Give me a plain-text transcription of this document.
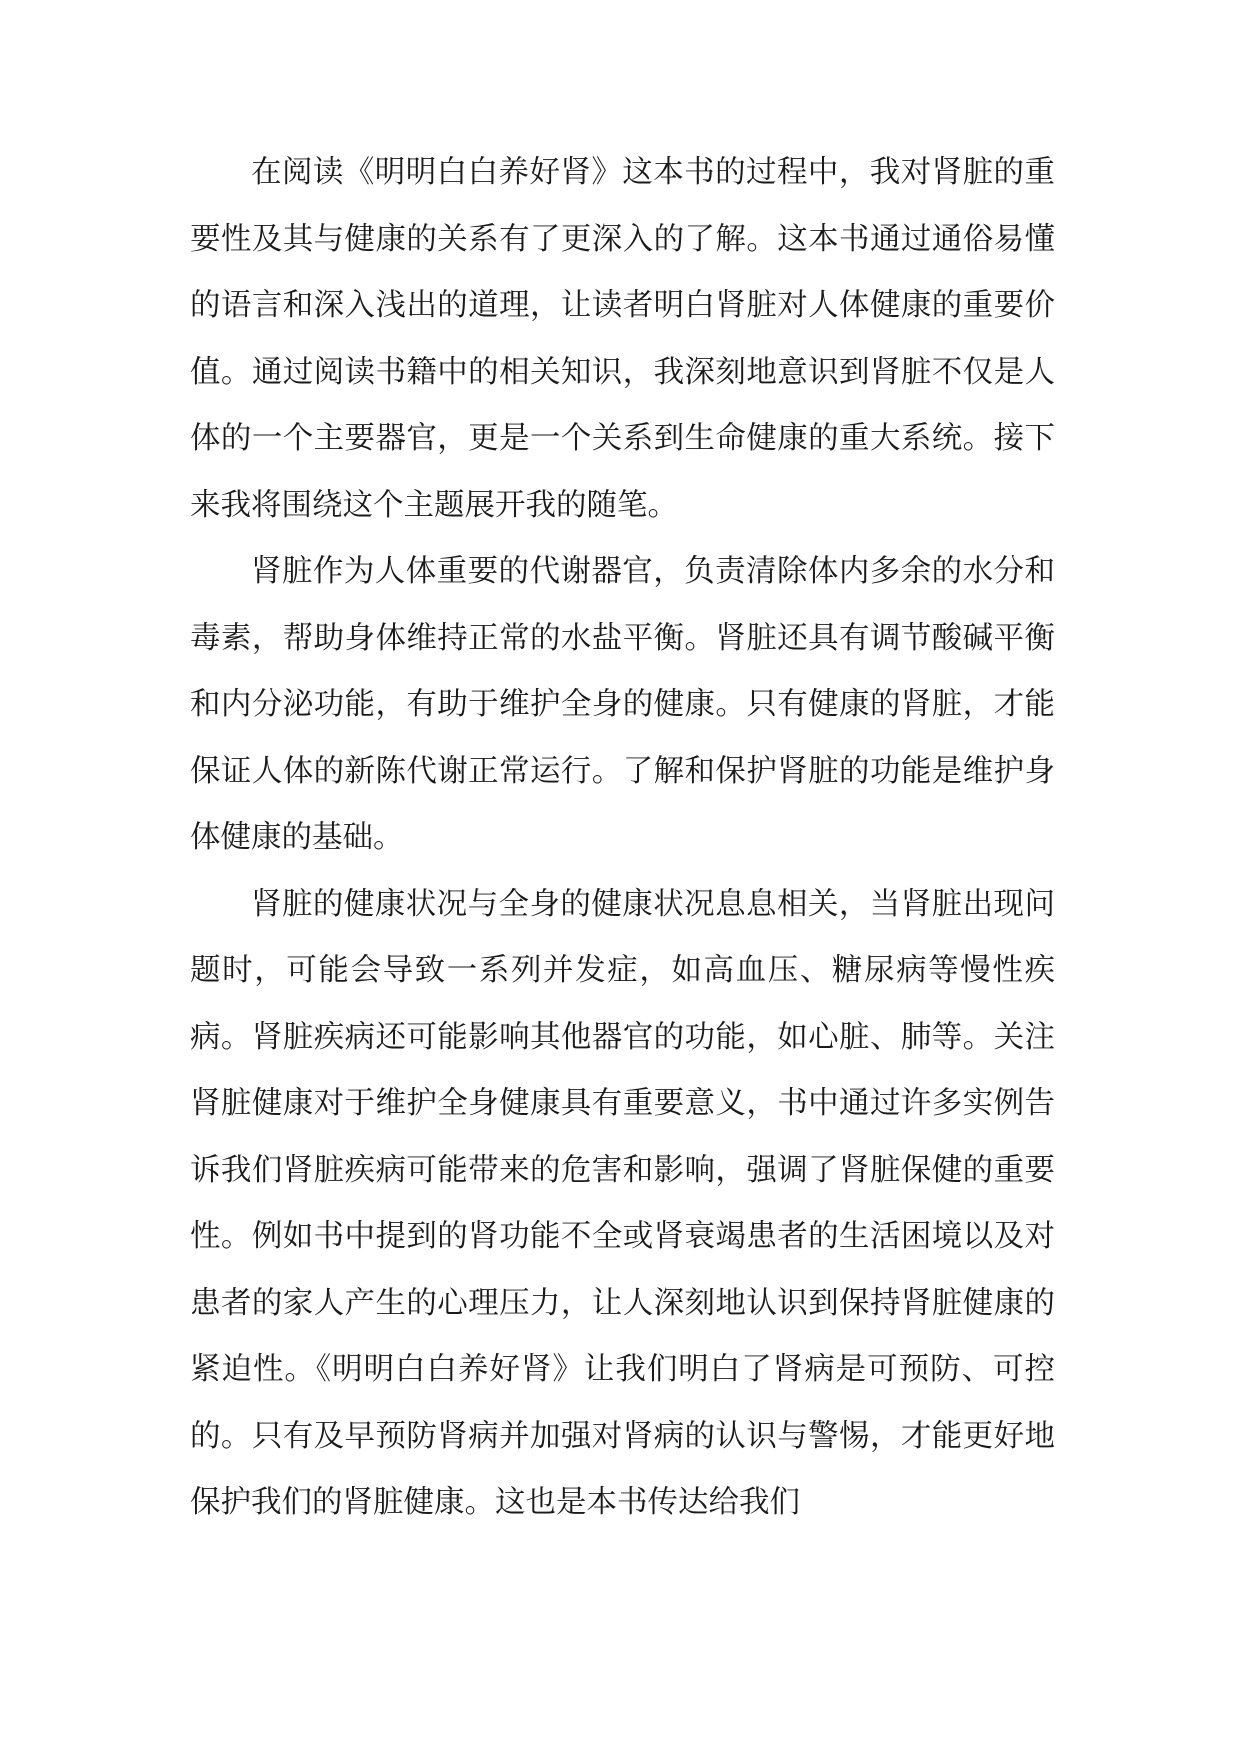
在阅读《明明白白养好肾》这本书的过程中，我对肾脏的重要性及其与健康的关系有了更深入的了解。这本书通过通俗易懂的语言和深入浅出的道理，让读者明白肾脏对人体健康的重要价值。通过阅读书籍中的相关知识，我深刻地意识到肾脏不仅是人体的一个主要器官，更是一个关系到生命健康的重大系统。接下来我将围绕这个主题展开我的随笔。

肾脏作为人体重要的代谢器官，负责清除体内多余的水分和毒素，帮助身体维持正常的水盐平衡。肾脏还具有调节酸碱平衡和内分泌功能，有助于维护全身的健康。只有健康的肾脏，才能保证人体的新陈代谢正常运行。了解和保护肾脏的功能是维护身体健康的基础。

肾脏的健康状况与全身的健康状况息息相关，当肾脏出现问题时，可能会导致一系列并发症，如高血压、糖尿病等慢性疾病。肾脏疾病还可能影响其他器官的功能，如心脏、肺等。关注肾脏健康对于维护全身健康具有重要意义，书中通过许多实例告诉我们肾脏疾病可能带来的危害和影响，强调了肾脏保健的重要性。例如书中提到的肾功能不全或肾衰竭患者的生活困境以及对患者的家人产生的心理压力，让人深刻地认识到保持肾脏健康的紧迫性。《明明白白养好肾》让我们明白了肾病是可预防、可控的。只有及早预防肾病并加强对肾病的认识与警惕，才能更好地保护我们的肾脏健康。这也是本书传达给我们
